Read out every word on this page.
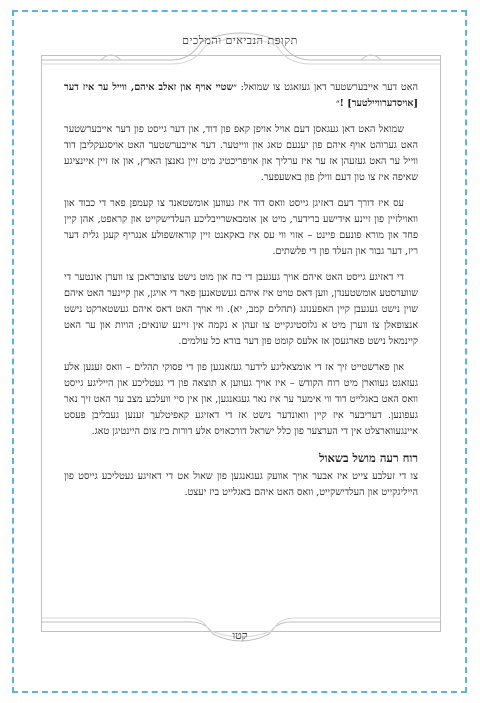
תקופת הנביאים והמלכים

האט דער אייבערשטער דאן געזאגט צו שמואל: ״שטיי אויף און זאלב איהם, ווייל ער איז דער [אויסדערוויילטער] !״

שמואל האט דאן געגאסן דעם אויל אויפן קאפ פון דוד, און דער גייסט פון דער אייבערשטער האט גערוהט אויף איהם פון יענעם טאג און ווייטער. דער אייבערשטער האט אויסגעקליבן דוד ווייל ער האט געזעהן אז ער איז ערליך און אויפריכטיג מיט זיין גאנצן הארץ, און אז זיין איינציגע שאיפה איז צו טון דעם ווילן פון באשעפער.

עס איז דורך דעם דאזיגן גייסט וואס דוד איז געווען אומשטאנד צו קעמפן פאר די כבוד און וואוילזיין פון זיינע אידישע ברידער, מיט אן אומבאשרייבליכע העלדישקייט און קראפט, אהן קיין פחד און מורא פונעם פיינט – אזוי ווי עס איז באקאנט זיין קוראזשפולע אנגריף קעגן גלית דער ריז, דער גבור און העלד פון די פלשתים.

די דאזיגע גייסט האט איהם אויך געגעבן די כח און מוט נישט צוצובראכן צו ווערן אונטער די שווערסטע אומשטענדן, ווען דאס טויט איז איהם געשטאנען פאר די אויגן, און קיינער האט איהם שוין נישט געגעבן קיין האפענונג (תהלים קמב, יא). ווי אויך האט דאס איהם געשטארקט נישט אנצופאלן צו ווערן מיט א גלוסטיגקייט צו זעהן א נקמה אין זיינע שונאים; הויות און ער האט קיינמאל נישט פארגעסן אז אלעס קומט פון דער בורא כל עולמים.

און פארשטייט זיך אז די אומצאליגע לידער געזאנגען פון די פסוקי תהלים – וואס זענען אלע געזאגט געווארן מיט רוח הקודש – איז אויך געווען א תוצאה פון די געטליכע און הייליגע גייסט וואס האט באגלייט דוד ווי אימער ער איז נאר געגאנגען, און אין סיי וועלכע מצב ער האט זיך נאר געפונען. דעריבער איז קיין וואונדער נישט אז די דאזיגע קאפיטלעך זענען געבליבן פעסט איינגעווארצלט אין די הערצער פון כלל ישראל דורכאויס אלע דורות ביז צום היינטיגן טאג.

רוח רעה מושל בשאול

צו די זעלבע צייט איז אבער אויך אוועק געגאנגען פון שאול אט די דאזיגע געטליכע גייסט פון הייליגקייט און העלדישקייט, וואס האט איהם באגלייט ביז יעצט.

קטו
